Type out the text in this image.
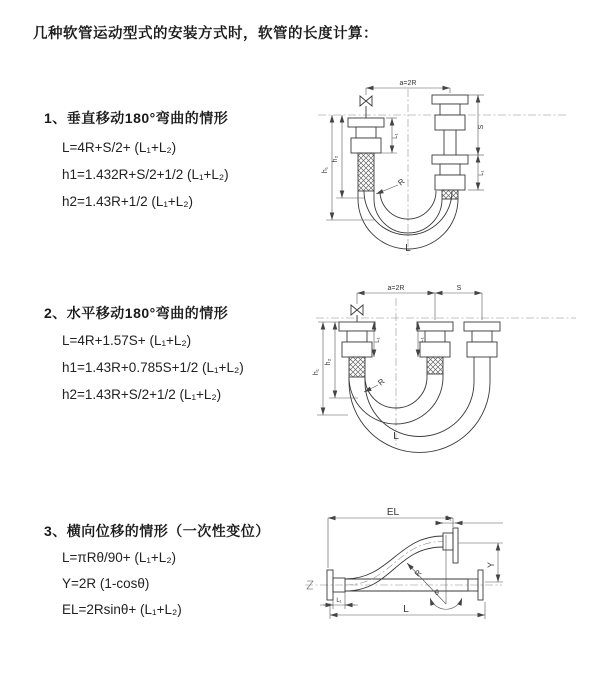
几种软管运动型式的安装方式时，软管的长度计算：
1、垂直移动180°弯曲的情形
L=4R+S/2+ (L₁+L₂)
h1=1.432R+S/2+1/2 (L₁+L₂)
h2=1.43R+1/2 (L₁+L₂)
a=2R
S
L₁
L₁
h₁
h₂
R
L
2、水平移动180°弯曲的情形
L=4R+1.57S+ (L₁+L₂)
h1=1.43R+0.785S+1/2 (L₁+L₂)
h2=1.43R+S/2+1/2 (L₁+L₂)
a=2R	S
h₁
h₂
L₁	L₁
R
L
3、横向位移的情形（一次性变位）
L=πRθ/90+ (L₁+L₂)
Y=2R (1-cosθ)
EL=2Rsinθ+ (L₁+L₂)
EL
L₁
Y
R
θ
L₁
L
